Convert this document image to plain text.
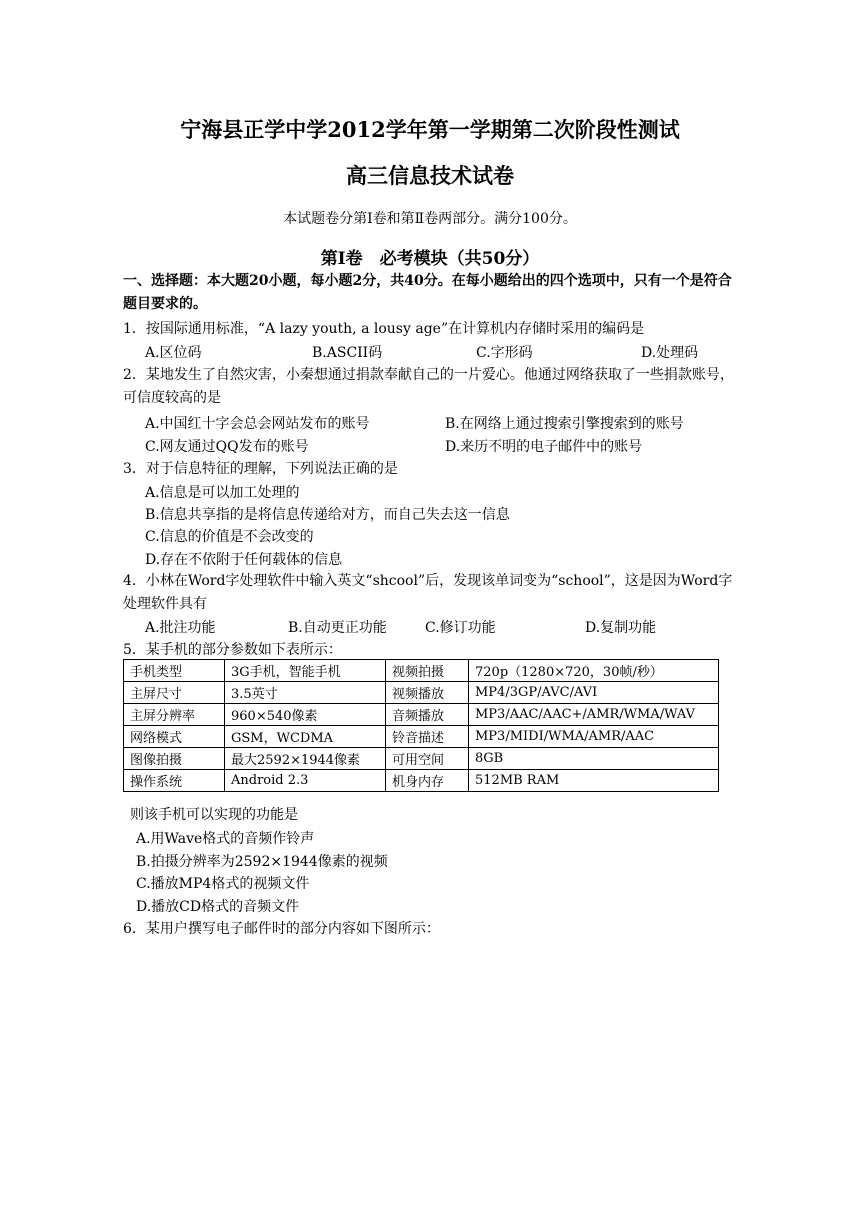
宁海县正学中学2012学年第一学期第二次阶段性测试
高三信息技术试卷
本试题卷分第Ⅰ卷和第Ⅱ卷两部分。满分100分。
第Ⅰ卷　必考模块（共50分）
一、选择题：本大题20小题，每小题2分，共40分。在每小题给出的四个选项中，只有一个是符合题目要求的。
1．按国际通用标准，“A lazy youth, a lousy age”在计算机内存储时采用的编码是
A.区位码	B.ASCII码	C.字形码	D.处理码
2．某地发生了自然灾害，小秦想通过捐款奉献自己的一片爱心。他通过网络获取了一些捐款账号，可信度较高的是
A.中国红十字会总会网站发布的账号	B.在网络上通过搜索引擎搜索到的账号
C.网友通过QQ发布的账号	D.来历不明的电子邮件中的账号
3．对于信息特征的理解，下列说法正确的是
A.信息是可以加工处理的
B.信息共享指的是将信息传递给对方，而自己失去这一信息
C.信息的价值是不会改变的
D.存在不依附于任何载体的信息
4．小林在Word字处理软件中输入英文“shcool”后，发现该单词变为“school”，这是因为Word字处理软件具有
A.批注功能	B.自动更正功能	C.修订功能	D.复制功能
5．某手机的部分参数如下表所示：
手机类型	3G手机，智能手机	视频拍摄	720p（1280×720，30帧/秒）
主屏尺寸	3.5英寸	视频播放	MP4/3GP/AVC/AVI
主屏分辨率	960×540像素	音频播放	MP3/AAC/AAC+/AMR/WMA/WAV
网络模式	GSM，WCDMA	铃音描述	MP3/MIDI/WMA/AMR/AAC
图像拍摄	最大2592×1944像素	可用空间	8GB
操作系统	Android 2.3	机身内存	512MB RAM
则该手机可以实现的功能是
A.用Wave格式的音频作铃声
B.拍摄分辨率为2592×1944像素的视频
C.播放MP4格式的视频文件
D.播放CD格式的音频文件
6．某用户撰写电子邮件时的部分内容如下图所示：
